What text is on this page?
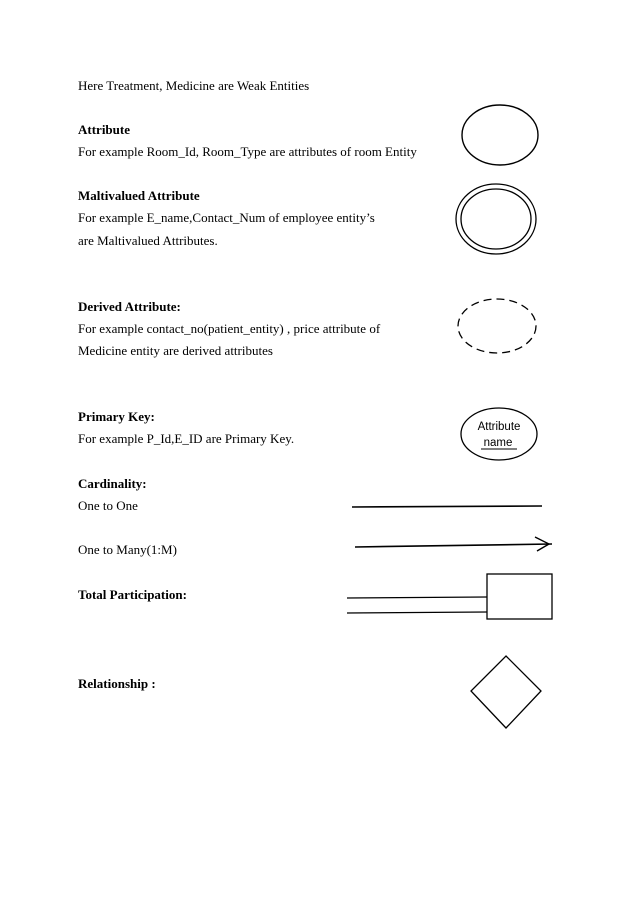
Here Treatment, Medicine are Weak Entities
Attribute
For example Room_Id, Room_Type are attributes of room Entity
Maltivalued Attribute
For example E_name,Contact_Num of employee entity’s
are Maltivalued Attributes.
Derived Attribute:
For example contact_no(patient_entity) , price attribute of
Medicine entity are derived attributes
Primary Key:
For example P_Id,E_ID are Primary Key.
Cardinality:
One to One
One to Many(1:M)
Total Participation:
Relationship :
Attribute
name
